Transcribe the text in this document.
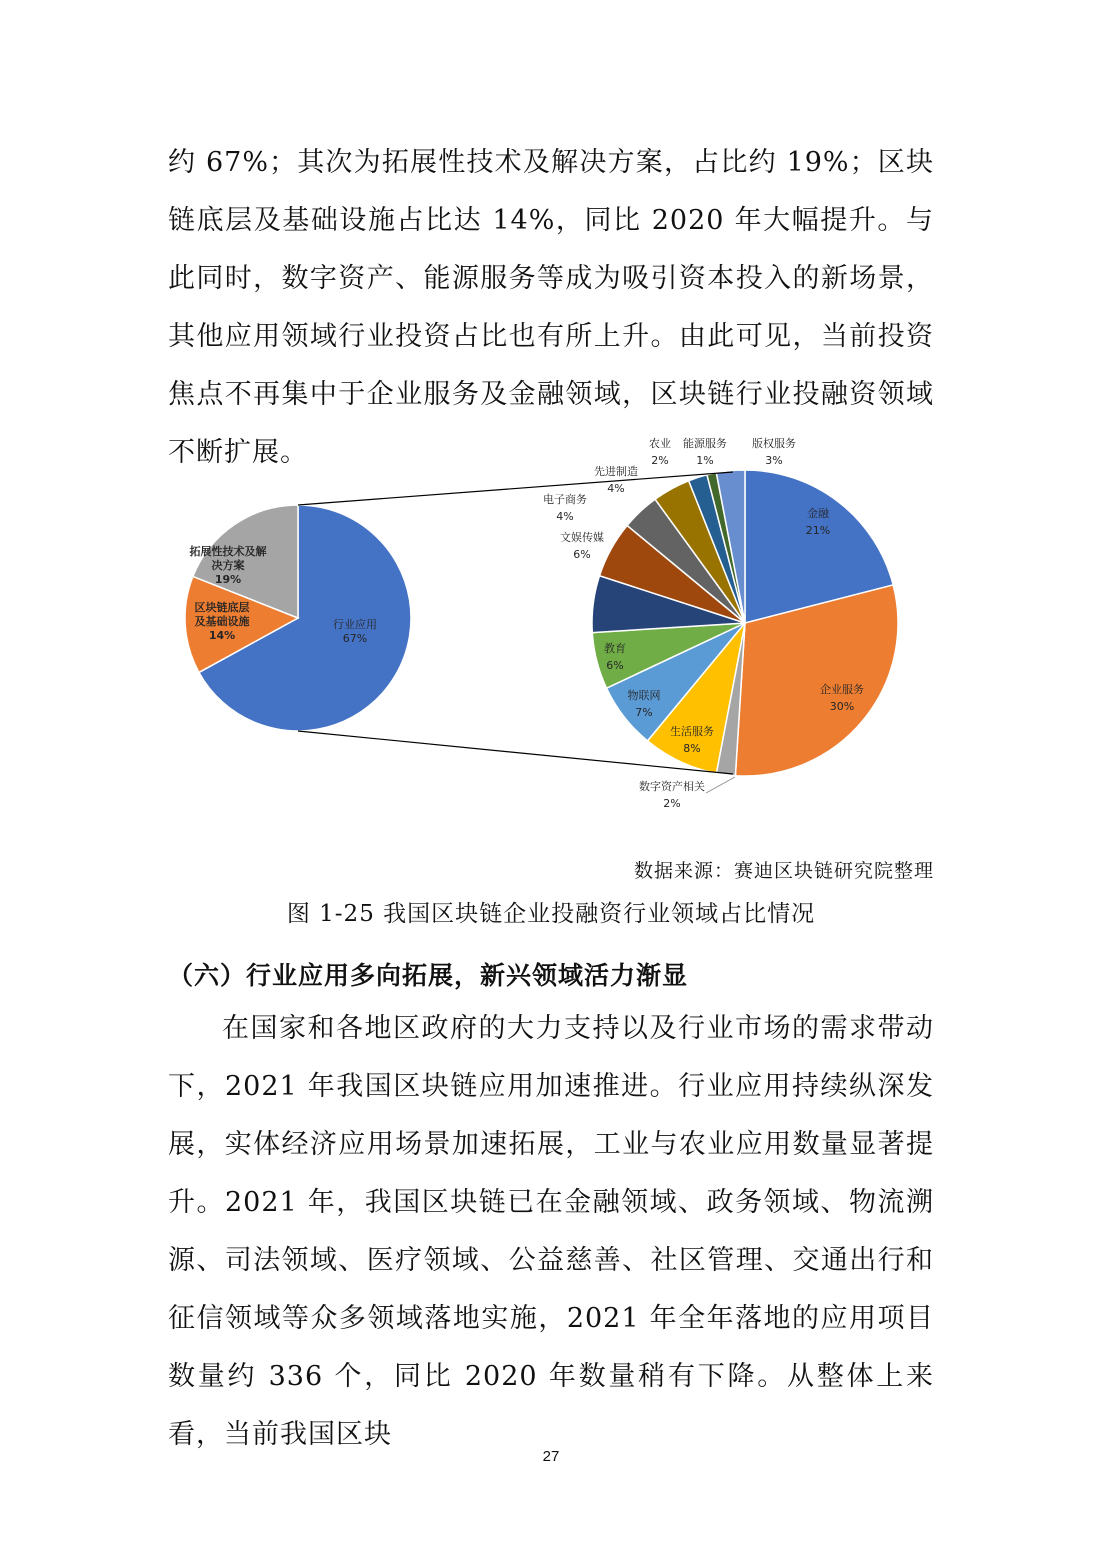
约 67%；其次为拓展性技术及解决方案，占比约 19%；区块链底层及基础设施占比达 14%，同比 2020 年大幅提升。与此同时，数字资产、能源服务等成为吸引资本投入的新场景，其他应用领域行业投资占比也有所上升。由此可见，当前投资焦点不再集中于企业服务及金融领域，区块链行业投融资领域不断扩展。

行业应用
67%
区块链底层
及基础设施
14%
拓展性技术及解
决方案
19%
金融
21%
企业服务
30%
数字资产相关
2%
生活服务
8%
物联网
7%
教育
6%
文娱传媒
6%
电子商务
4%
先进制造
4%
农业
2%
能源服务
1%
版权服务
3%
数据来源：赛迪区块链研究院整理
图 1-25 我国区块链企业投融资行业领域占比情况
（六）行业应用多向拓展，新兴领域活力渐显

在国家和各地区政府的大力支持以及行业市场的需求带动下，2021 年我国区块链应用加速推进。行业应用持续纵深发展，实体经济应用场景加速拓展，工业与农业应用数量显著提升。2021 年，我国区块链已在金融领域、政务领域、物流溯源、司法领域、医疗领域、公益慈善、社区管理、交通出行和征信领域等众多领域落地实施，2021 年全年落地的应用项目数量约 336 个，同比 2020 年数量稍有下降。从整体上来看，当前我国区块

27
